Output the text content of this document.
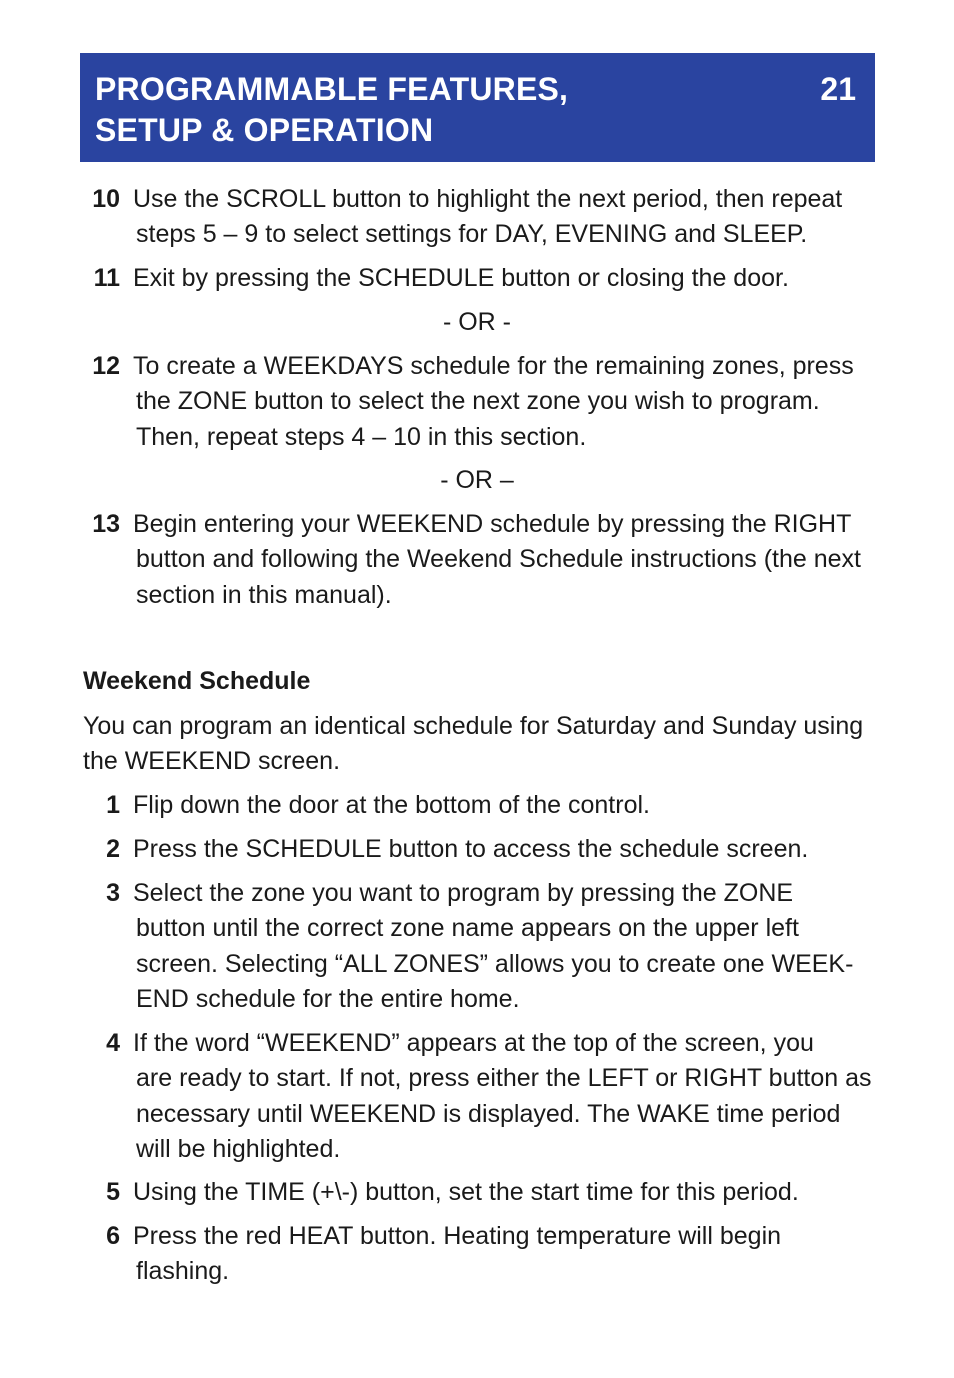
PROGRAMMABLE FEATURES,
SETUP & OPERATION
21
10 Use the SCROLL button to highlight the next period, then repeat
steps 5 – 9 to select settings for DAY, EVENING and SLEEP.
11 Exit by pressing the SCHEDULE button or closing the door.
- OR -
12 To create a WEEKDAYS schedule for the remaining zones, press
the ZONE button to select the next zone you wish to program. Then, repeat steps 4 – 10 in this section.
- OR –
13 Begin entering your WEEKEND schedule by pressing the RIGHT
button and following the Weekend Schedule instructions (the next section in this manual).
Weekend Schedule
You can program an identical schedule for Saturday and Sunday using the WEEKEND screen.
1 Flip down the door at the bottom of the control.
2 Press the SCHEDULE button to access the schedule screen.
3 Select the zone you want to program by pressing the ZONE
button until the correct zone name appears on the upper left screen. Selecting “ALL ZONES” allows you to create one WEEK-END schedule for the entire home.
4 If the word “WEEKEND” appears at the top of the screen, you
are ready to start. If not, press either the LEFT or RIGHT button as necessary until WEEKEND is displayed. The WAKE time period will be highlighted.
5 Using the TIME (+\-) button, set the start time for this period.
6 Press the red HEAT button. Heating temperature will begin
flashing.
